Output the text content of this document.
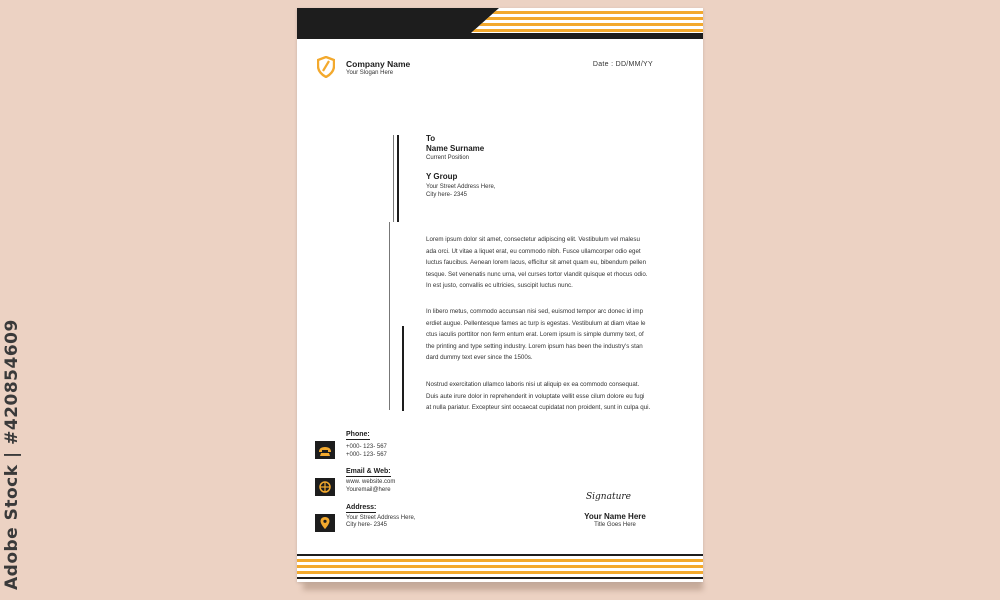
Adobe Stock | #420854609
Company Name
Your Slogan Here
Date : DD/MM/YY
To
Name Surname
Current Position
Y Group
Your Street Address Here,
City here- 2345
Lorem ipsum dolor sit amet, consectetur adipiscing elit. Vestibulum vel malesu
ada orci. Ut vitae a liquet erat, eu commodo nibh. Fusce ullamcorper odio eget
luctus faucibus. Aenean lorem lacus, efficitur sit amet quam eu, bibendum pellen
tesque. Set venenatis nunc urna, vel curses tortor vlandit quisque et rhocus odio.
In est justo, convallis ec ultricies, suscipit luctus nunc.
In libero metus, commodo accunsan nisi sed, euismod tempor arc donec id imp
erdiet augue. Pellentesque fames ac turp is egestas. Vestibulum at diam vitae le
ctus iaculis porttitor non ferm entum erat. Lorem ipsum is simple dummy text, of
the printing and type setting industry. Lorem ipsum has been the industry's stan
dard dummy text ever since the 1500s.
Nostrud exercitation ullamco laboris nisi ut aliquip ex ea commodo consequat.
Duis aute irure dolor in reprehenderit in voluptate vellit esse cilum dolore eu fugi
at nulla pariatur. Excepteur sint occaecat cupidatat non proident, sunt in culpa qui.
Phone:
+000- 123- 567
+000- 123- 567
Email & Web:
www. website.com
Youremail@here
Address:
Your Street Address Here,
City here- 2345
Signature
Your Name Here
Title Goes Here
